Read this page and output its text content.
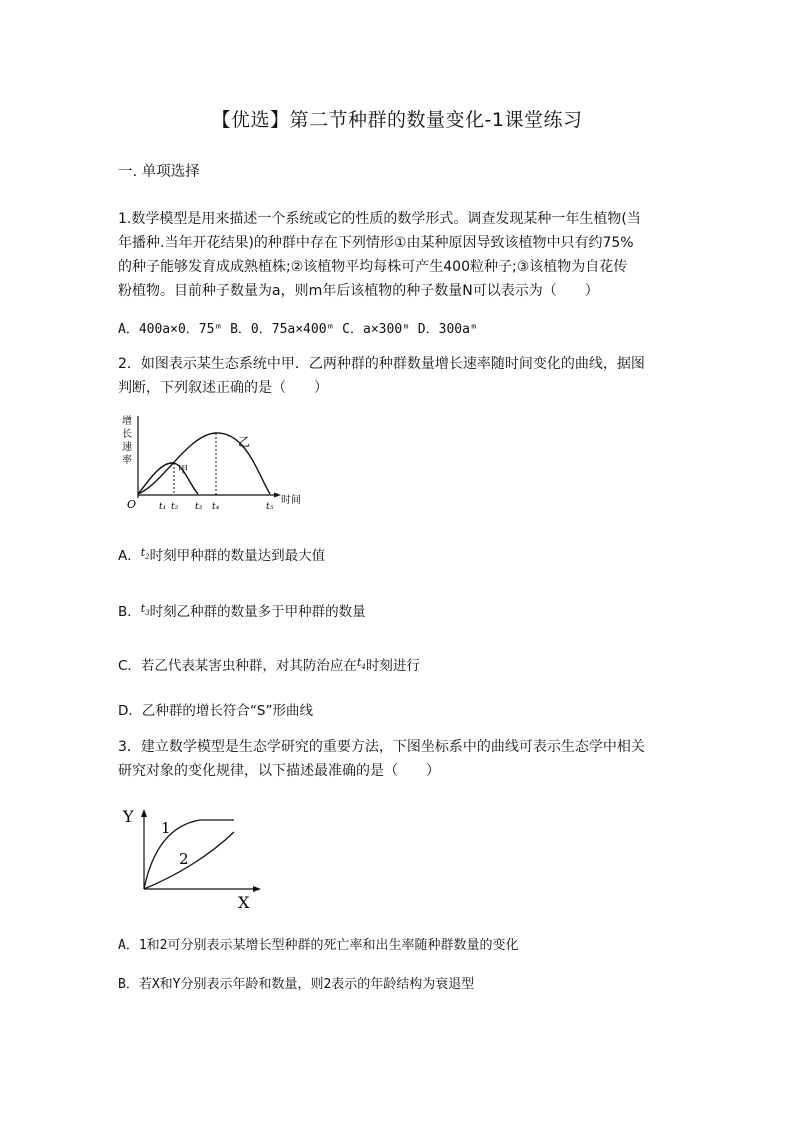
【优选】第二节种群的数量变化-1课堂练习

一. 单项选择

1.数学模型是用来描述一个系统或它的性质的数学形式。调查发现某种一年生植物(当
年播种.当年开花结果)的种群中存在下列情形①由某种原因导致该植物中只有约75%
的种子能够发育成成熟植株;②该植物平均每株可产生400粒种子;③该植物为自花传
粉植物。目前种子数量为a，则m年后该植物的种子数量N可以表示为（　　）

A．400a×0．75ᵐ B．0．75a×400ᵐ C．a×300ᵐ D．300aᵐ

2．如图表示某生态系统中甲．乙两种群的种群数量增长速率随时间变化的曲线，据图
判断，下列叙述正确的是（　　）
增
长
速
率
O	时间
甲
乙
t₁ t₂ t₃ t₄	t₅

A．$^{t_2}$时刻甲种群的数量达到最大值

B．$^{t_3}$时刻乙种群的数量多于甲种群的数量

C．若乙代表某害虫种群，对其防治应在$^{t_4}$时刻进行

D．乙种群的增长符合“S”形曲线

3．建立数学模型是生态学研究的重要方法，下图坐标系中的曲线可表示生态学中相关
研究对象的变化规律，以下描述最准确的是（　　）
Y
X
1
2

A．1和2可分别表示某增长型种群的死亡率和出生率随种群数量的变化

B．若X和Y分别表示年龄和数量，则2表示的年龄结构为衰退型
